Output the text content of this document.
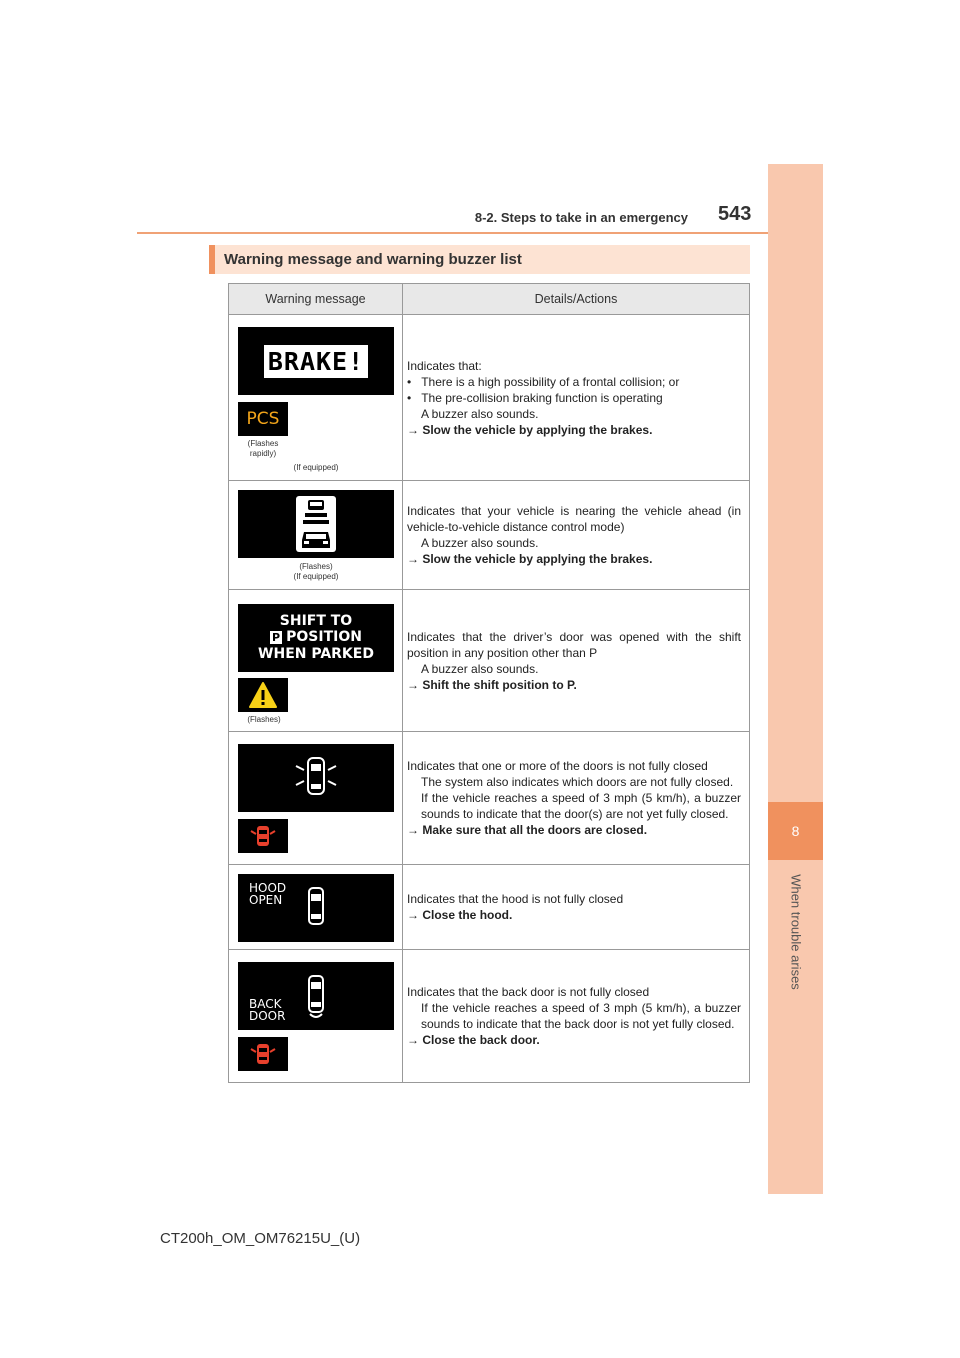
8-2. Steps to take in an emergency 543
8
When trouble arises
Warning message and warning buzzer list
Warning message	Details/Actions
BRAKE!
PCS
(Flashes rapidly)
(If equipped)

Indicates that:

• There is a high possibility of a frontal collision; or

• The pre-collision braking function is operating

A buzzer also sounds.

→ Slow the vehicle by applying the brakes.

(Flashes)
(If equipped)

Indicates that your vehicle is nearing the vehicle ahead (in vehicle-to-vehicle distance control mode)

A buzzer also sounds.

→ Slow the vehicle by applying the brakes.

SHIFT TO
P POSITION
WHEN PARKED
(Flashes)

Indicates that the driver’s door was opened with the shift position in any position other than P

A buzzer also sounds.

→ Shift the shift position to P.

Indicates that one or more of the doors is not fully closed

The system also indicates which doors are not fully closed.

If the vehicle reaches a speed of 3 mph (5 km/h), a buzzer sounds to indicate that the door(s) are not yet fully closed.

→ Make sure that all the doors are closed.

HOOD
OPEN	Indicates that the hood is not fully closed

→ Close the hood.

BACK
DOOR

Indicates that the back door is not fully closed

If the vehicle reaches a speed of 3 mph (5 km/h), a buzzer sounds to indicate that the back door is not yet fully closed.

→ Close the back door.

CT200h_OM_OM76215U_(U)
